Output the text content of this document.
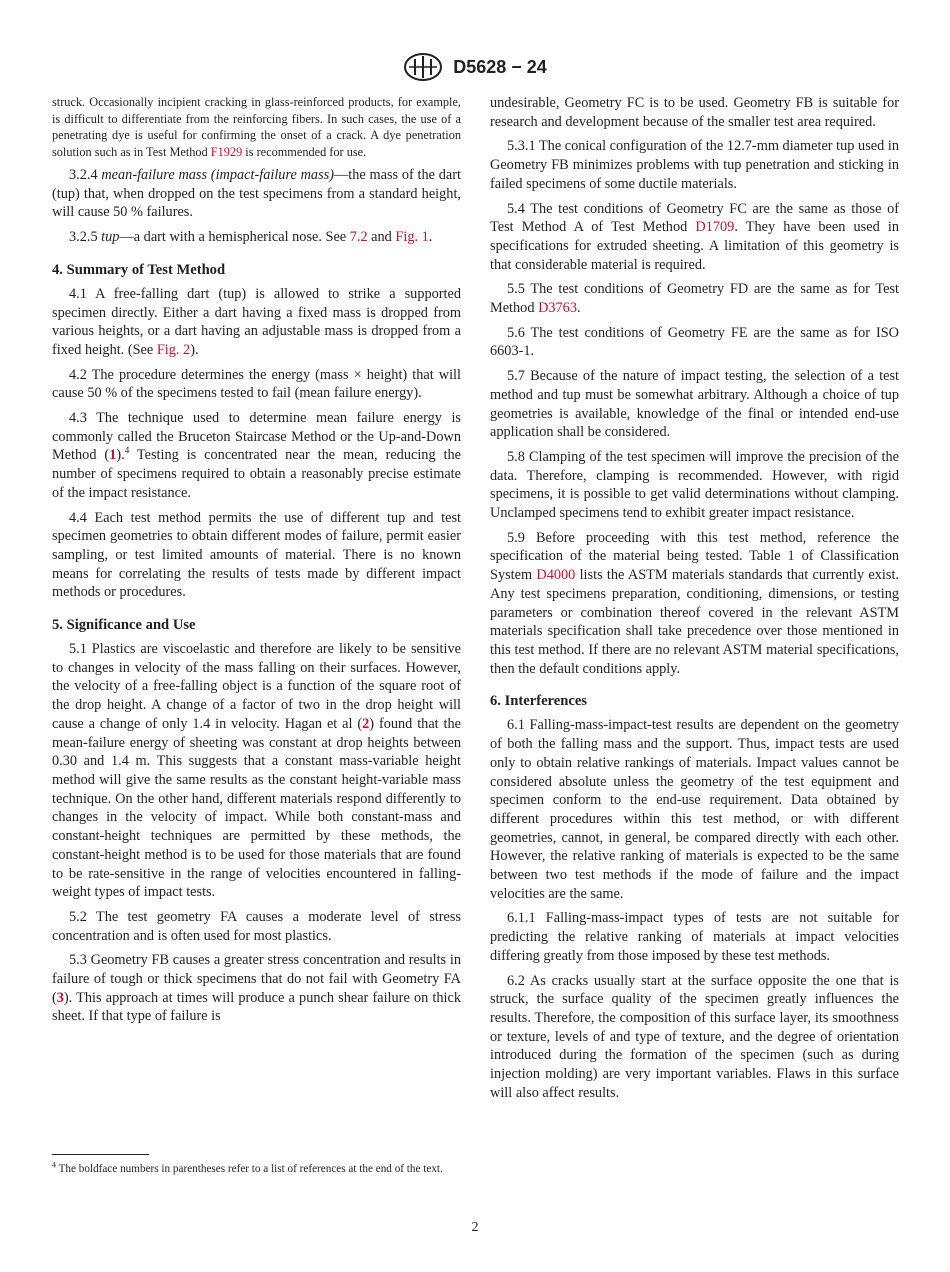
D5628 − 24

struck. Occasionally incipient cracking in glass-reinforced products, for example, is difficult to differentiate from the reinforcing fibers. In such cases, the use of a penetrating dye is useful for confirming the onset of a crack. A dye penetration solution such as in Test Method F1929 is recommended for use.

3.2.4 mean-failure mass (impact-failure mass)—the mass of the dart (tup) that, when dropped on the test specimens from a standard height, will cause 50 % failures.

3.2.5 tup—a dart with a hemispherical nose. See 7.2 and Fig. 1.

4. Summary of Test Method

4.1 A free-falling dart (tup) is allowed to strike a supported specimen directly. Either a dart having a fixed mass is dropped from various heights, or a dart having an adjustable mass is dropped from a fixed height. (See Fig. 2).

4.2 The procedure determines the energy (mass × height) that will cause 50 % of the specimens tested to fail (mean failure energy).

4.3 The technique used to determine mean failure energy is commonly called the Bruceton Staircase Method or the Up-and-Down Method (1).$^4$ Testing is concentrated near the mean, reducing the number of specimens required to obtain a reasonably precise estimate of the impact resistance.

4.4 Each test method permits the use of different tup and test specimen geometries to obtain different modes of failure, permit easier sampling, or test limited amounts of material. There is no known means for correlating the results of tests made by different impact methods or procedures.

5. Significance and Use

5.1 Plastics are viscoelastic and therefore are likely to be sensitive to changes in velocity of the mass falling on their surfaces. However, the velocity of a free-falling object is a function of the square root of the drop height. A change of a factor of two in the drop height will cause a change of only 1.4 in velocity. Hagan et al (2) found that the mean-failure energy of sheeting was constant at drop heights between 0.30 and 1.4 m. This suggests that a constant mass-variable height method will give the same results as the constant height-variable mass technique. On the other hand, different materials respond differently to changes in the velocity of impact. While both constant-mass and constant-height techniques are permitted by these methods, the constant-height method is to be used for those materials that are found to be rate-sensitive in the range of velocities encountered in falling-weight types of impact tests.

5.2 The test geometry FA causes a moderate level of stress concentration and is often used for most plastics.

5.3 Geometry FB causes a greater stress concentration and results in failure of tough or thick specimens that do not fail with Geometry FA (3). This approach at times will produce a punch shear failure on thick sheet. If that type of failure is

undesirable, Geometry FC is to be used. Geometry FB is suitable for research and development because of the smaller test area required.

5.3.1 The conical configuration of the 12.7-mm diameter tup used in Geometry FB minimizes problems with tup penetration and sticking in failed specimens of some ductile materials.

5.4 The test conditions of Geometry FC are the same as those of Test Method A of Test Method D1709. They have been used in specifications for extruded sheeting. A limitation of this geometry is that considerable material is required.

5.5 The test conditions of Geometry FD are the same as for Test Method D3763.

5.6 The test conditions of Geometry FE are the same as for ISO 6603-1.

5.7 Because of the nature of impact testing, the selection of a test method and tup must be somewhat arbitrary. Although a choice of tup geometries is available, knowledge of the final or intended end-use application shall be considered.

5.8 Clamping of the test specimen will improve the precision of the data. Therefore, clamping is recommended. However, with rigid specimens, it is possible to get valid determinations without clamping. Unclamped specimens tend to exhibit greater impact resistance.

5.9 Before proceeding with this test method, reference the specification of the material being tested. Table 1 of Classification System D4000 lists the ASTM materials standards that currently exist. Any test specimens preparation, conditioning, dimensions, or testing parameters or combination thereof covered in the relevant ASTM materials specification shall take precedence over those mentioned in this test method. If there are no relevant ASTM material specifications, then the default conditions apply.

6. Interferences

6.1 Falling-mass-impact-test results are dependent on the geometry of both the falling mass and the support. Thus, impact tests are used only to obtain relative rankings of materials. Impact values cannot be considered absolute unless the geometry of the test equipment and specimen conform to the end-use requirement. Data obtained by different procedures within this test method, or with different geometries, cannot, in general, be compared directly with each other. However, the relative ranking of materials is expected to be the same between two test methods if the mode of failure and the impact velocities are the same.

6.1.1 Falling-mass-impact types of tests are not suitable for predicting the relative ranking of materials at impact velocities differing greatly from those imposed by these test methods.

6.2 As cracks usually start at the surface opposite the one that is struck, the surface quality of the specimen greatly influences the results. Therefore, the composition of this surface layer, its smoothness or texture, levels of and type of texture, and the degree of orientation introduced during the formation of the specimen (such as during injection molding) are very important variables. Flaws in this surface will also affect results.

$^4$ The boldface numbers in parentheses refer to a list of references at the end of the text.
2
